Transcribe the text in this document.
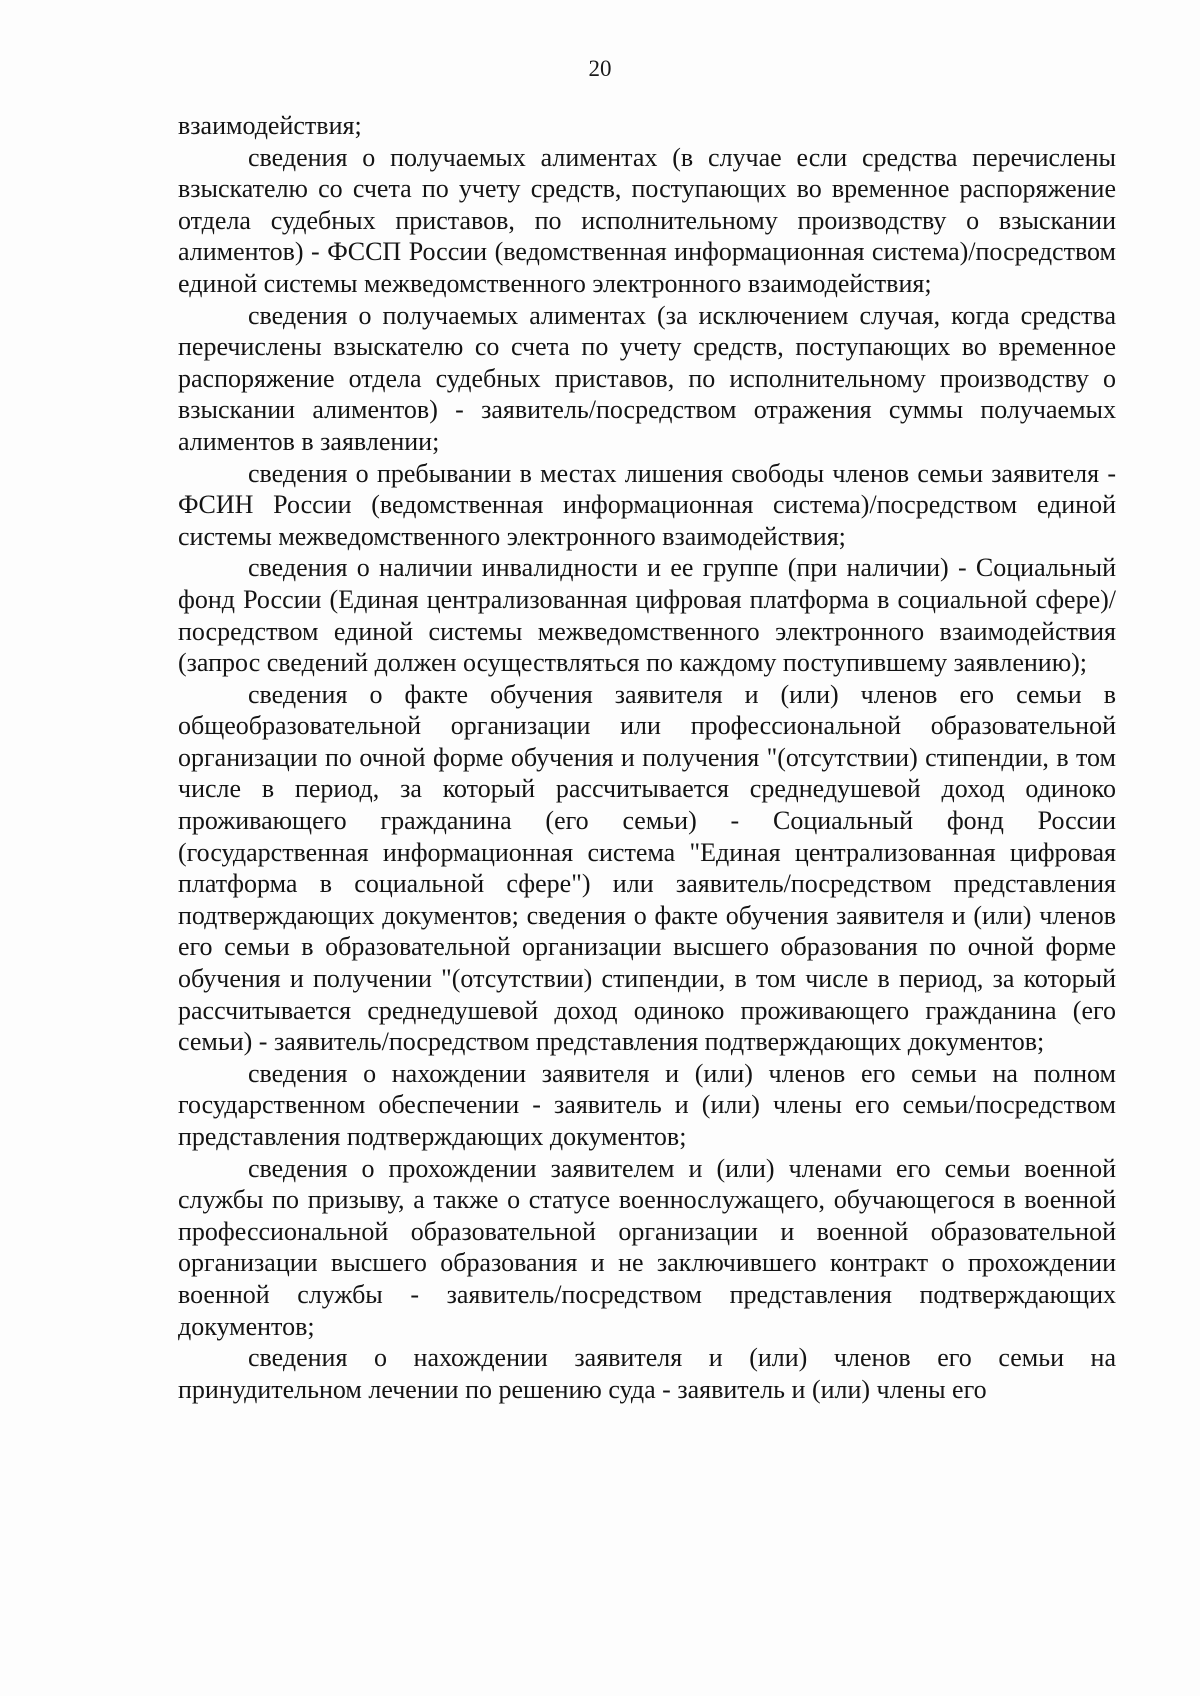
20

взаимодействия;

сведения о получаемых алиментах (в случае если средства перечислены взыскателю со счета по учету средств, поступающих во временное распоряжение отдела судебных приставов, по исполнительному производству о взыскании алиментов) - ФССП России (ведомственная информационная система)/посредством единой системы межведомственного электронного взаимодействия;

сведения о получаемых алиментах (за исключением случая, когда средства перечислены взыскателю со счета по учету средств, поступающих во временное распоряжение отдела судебных приставов, по исполнительному производству о взыскании алиментов) - заявитель/посредством отражения суммы получаемых алиментов в заявлении;

сведения о пребывании в местах лишения свободы членов семьи заявителя - ФСИН России (ведомственная информационная система)/посредством единой системы межведомственного электронного взаимодействия;

сведения о наличии инвалидности и ее группе (при наличии) - Социальный фонд России (Единая централизованная цифровая платформа в социальной сфере)/посредством единой системы межведомственного электронного взаимодействия (запрос сведений должен осуществляться по каждому поступившему заявлению);

сведения о факте обучения заявителя и (или) членов его семьи в общеобразовательной организации или профессиональной образовательной организации по очной форме обучения и получения "(отсутствии) стипендии, в том числе в период, за который рассчитывается среднедушевой доход одиноко проживающего гражданина (его семьи) - Социальный фонд России (государственная информационная система "Единая централизованная цифровая платформа в социальной сфере") или заявитель/посредством представления подтверждающих документов; сведения о факте обучения заявителя и (или) членов его семьи в образовательной организации высшего образования по очной форме обучения и получении "(отсутствии) стипендии, в том числе в период, за который рассчитывается среднедушевой доход одиноко проживающего гражданина (его семьи) - заявитель/посредством представления подтверждающих документов;

сведения о нахождении заявителя и (или) членов его семьи на полном государственном обеспечении - заявитель и (или) члены его семьи/посредством представления подтверждающих документов;

сведения о прохождении заявителем и (или) членами его семьи военной службы по призыву, а также о статусе военнослужащего, обучающегося в военной профессиональной образовательной организации и военной образовательной организации высшего образования и не заключившего контракт о прохождении военной службы - заявитель/посредством представления подтверждающих документов;

сведения о нахождении заявителя и (или) членов его семьи на принудительном лечении по решению суда - заявитель и (или) члены его
